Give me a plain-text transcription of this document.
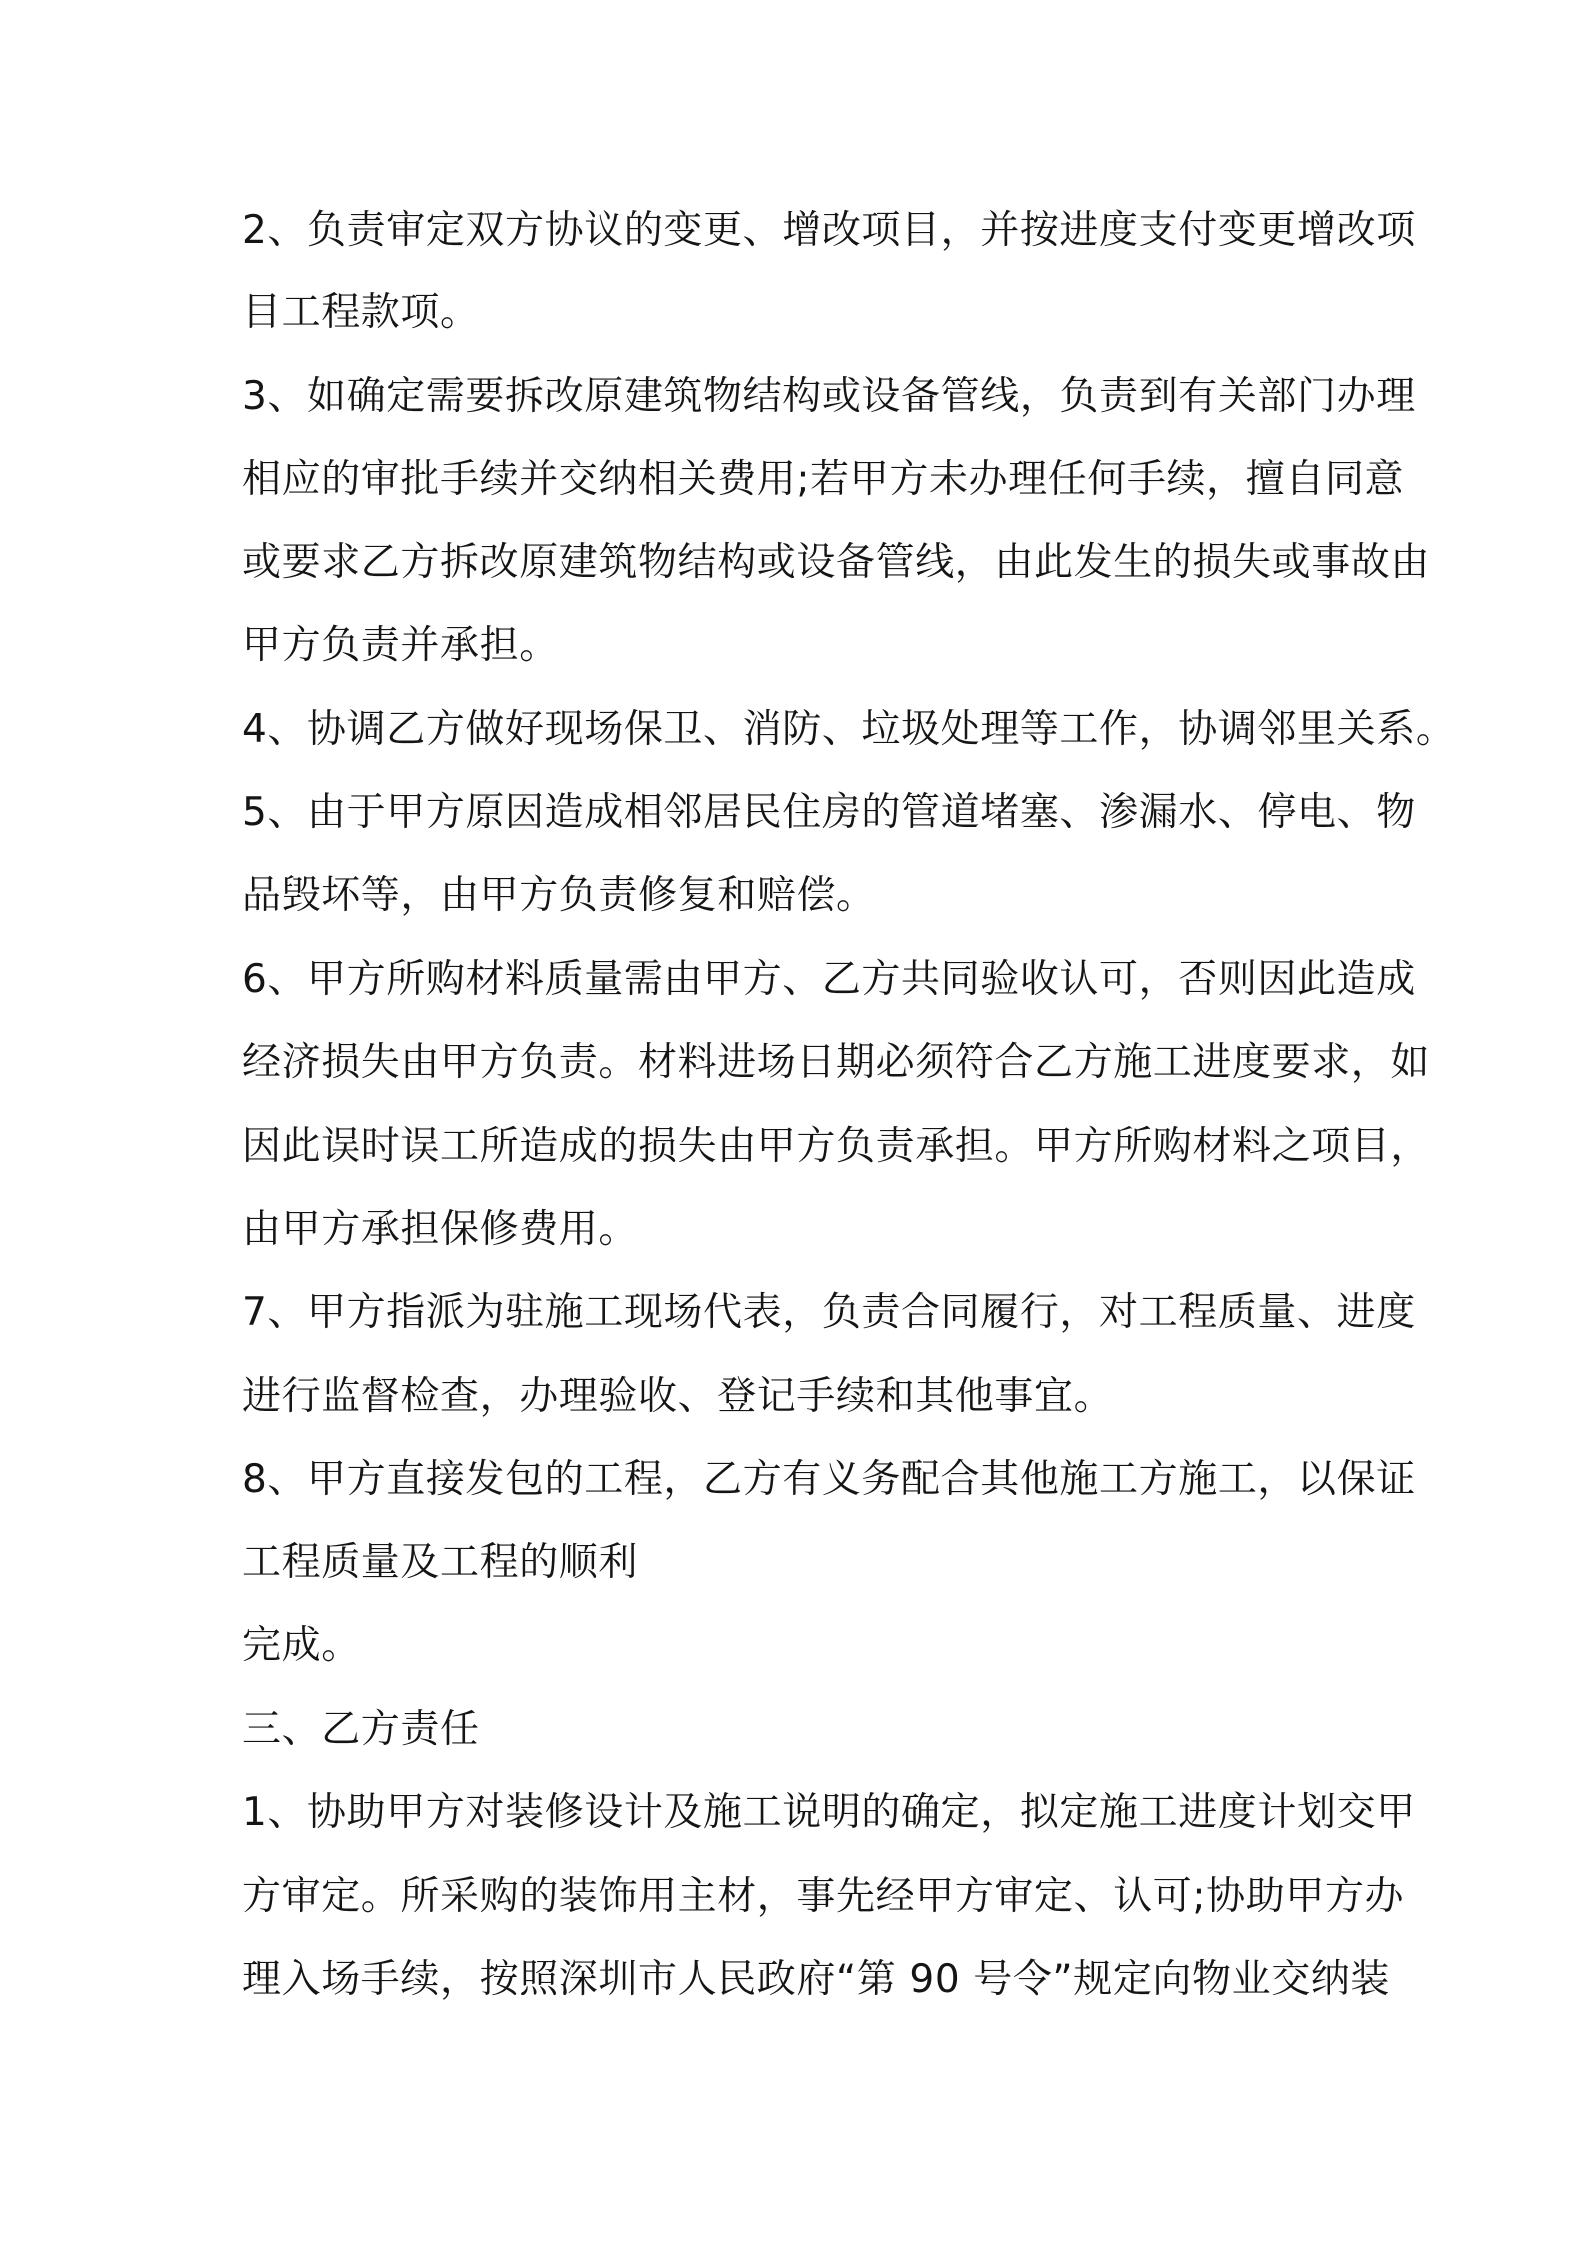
2、负责审定双方协议的变更、增改项目，并按进度支付变更增改项
目工程款项。
3、如确定需要拆改原建筑物结构或设备管线，负责到有关部门办理
相应的审批手续并交纳相关费用;若甲方未办理任何手续，擅自同意
或要求乙方拆改原建筑物结构或设备管线，由此发生的损失或事故由
甲方负责并承担。
4、协调乙方做好现场保卫、消防、垃圾处理等工作，协调邻里关系。
5、由于甲方原因造成相邻居民住房的管道堵塞、渗漏水、停电、物
品毁坏等，由甲方负责修复和赔偿。
6、甲方所购材料质量需由甲方、乙方共同验收认可，否则因此造成
经济损失由甲方负责。材料进场日期必须符合乙方施工进度要求，如
因此误时误工所造成的损失由甲方负责承担。甲方所购材料之项目，
由甲方承担保修费用。
7、甲方指派为驻施工现场代表，负责合同履行，对工程质量、进度
进行监督检查，办理验收、登记手续和其他事宜。
8、甲方直接发包的工程，乙方有义务配合其他施工方施工，以保证
工程质量及工程的顺利
完成。
三、乙方责任
1、协助甲方对装修设计及施工说明的确定，拟定施工进度计划交甲
方审定。所采购的装饰用主材，事先经甲方审定、认可;协助甲方办
理入场手续，按照深圳市人民政府“第 90 号令”规定向物业交纳装
